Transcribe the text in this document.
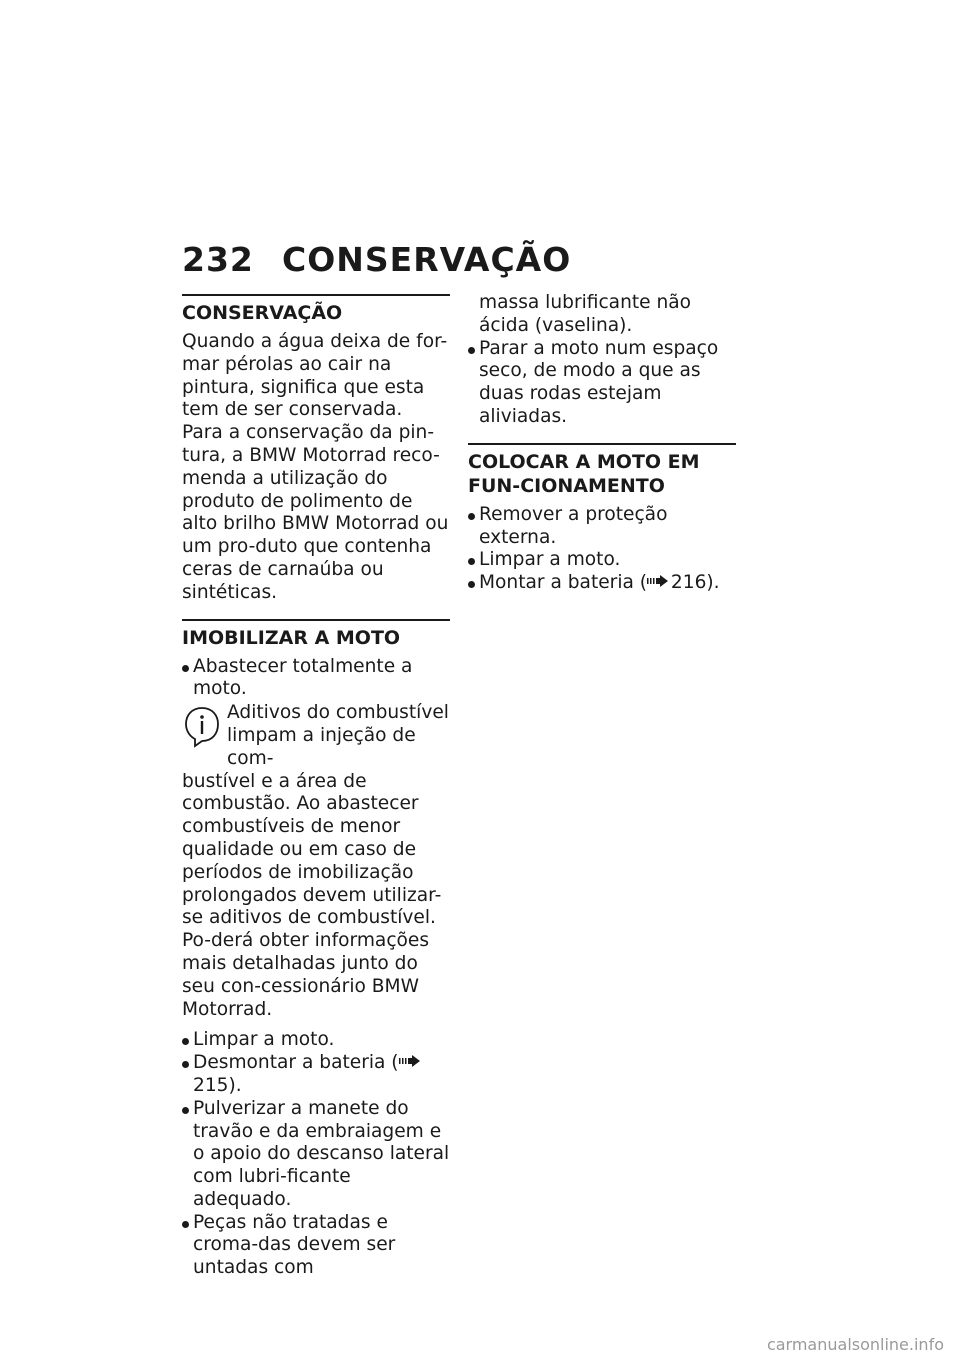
232 CONSERVAÇÃO
CONSERVAÇÃO

Quando a água deixa de for-mar pérolas ao cair na pintura, significa que esta tem de ser conservada.

Para a conservação da pin-tura, a BMW Motorrad reco-menda a utilização do produto de polimento de alto brilho BMW Motorrad ou um pro-duto que contenha ceras de carnaúba ou sintéticas.

IMOBILIZAR A MOTO
Abastecer totalmente a moto.
Aditivos do combustível
limpam a injeção de com-
bustível e a área de combustão. Ao abastecer combustíveis de menor qualidade ou em caso de períodos de imobilização prolongados devem utilizar-se aditivos de combustível. Po-derá obter informações mais detalhadas junto do seu con-cessionário BMW Motorrad.
Limpar a moto.
Desmontar a bateria ( 215).
Pulverizar a manete do travão e da embraiagem e o apoio do descanso lateral com lubri-ficante adequado.
Peças não tratadas e croma-das devem ser untadas com
massa lubrificante não ácida (vaselina).
Parar a moto num espaço seco, de modo a que as duas rodas estejam aliviadas.
COLOCAR A MOTO EM FUN-CIONAMENTO
Remover a proteção externa.
Limpar a moto.
Montar a bateria (  216).
carmanualsonline.info
